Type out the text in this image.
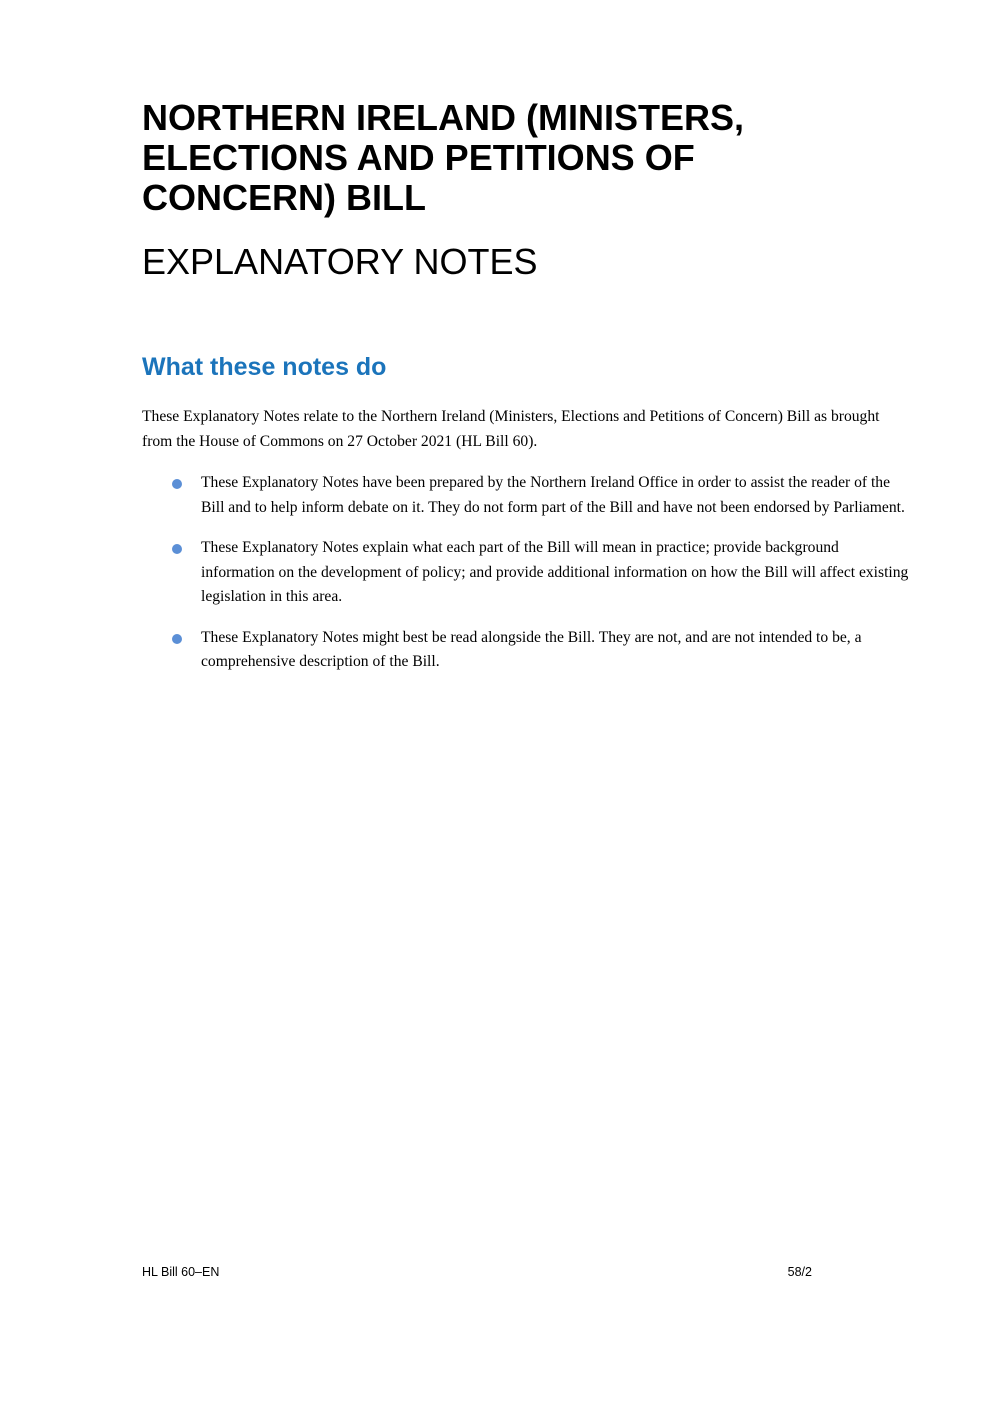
NORTHERN IRELAND (MINISTERS, ELECTIONS AND PETITIONS OF CONCERN) BILL
EXPLANATORY NOTES
What these notes do

These Explanatory Notes relate to the Northern Ireland (Ministers, Elections and Petitions of Concern) Bill as brought from the House of Commons on 27 October 2021 (HL Bill 60).

These Explanatory Notes have been prepared by the Northern Ireland Office in order to assist the reader of the Bill and to help inform debate on it. They do not form part of the Bill and have not been endorsed by Parliament.
These Explanatory Notes explain what each part of the Bill will mean in practice; provide background information on the development of policy; and provide additional information on how the Bill will affect existing legislation in this area.
These Explanatory Notes might best be read alongside the Bill. They are not, and are not intended to be, a comprehensive description of the Bill.
HL Bill 60–EN	58/2
